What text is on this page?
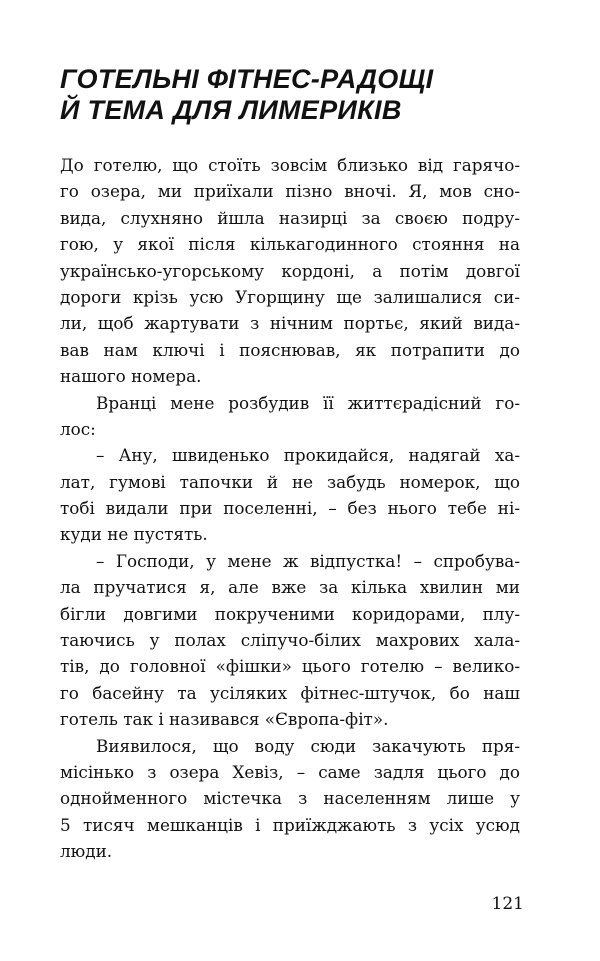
ГОТЕЛЬНІ ФІТНЕС-РАДОЩІ
Й ТЕМА ДЛЯ ЛИМЕРИКІВ
До готелю, що стоїть зовсім близько від гарячо-
го озера, ми приїхали пізно вночі. Я, мов сно-
вида, слухняно йшла назирці за своєю подру-
гою, у якої після кількагодинного стояння на
українсько-угорському кордоні, а потім довгої
дороги крізь усю Угорщину ще залишалися си-
ли, щоб жартувати з нічним портьє, який вида-
вав нам ключі і пояснював, як потрапити до
нашого номера.
Вранці мене розбудив її життєрадісний го-
лос:
– Ану, швиденько прокидайся, надягай ха-
лат, гумові тапочки й не забудь номерок, що
тобі видали при поселенні, – без нього тебе ні-
куди не пустять.
– Господи, у мене ж відпустка! – спробува-
ла пручатися я, але вже за кілька хвилин ми
бігли довгими покрученими коридорами, плу-
таючись у полах сліпучо-білих махрових хала-
тів, до головної «фішки» цього готелю – велико-
го басейну та усіляких фітнес-штучок, бо наш
готель так і називався «Європа-фіт».
Виявилося, що воду сюди закачують пря-
місінько з озера Хевіз, – саме задля цього до
однойменного містечка з населенням лише у
5 тисяч мешканців і приїжджають з усіх усюд
люди.
121
